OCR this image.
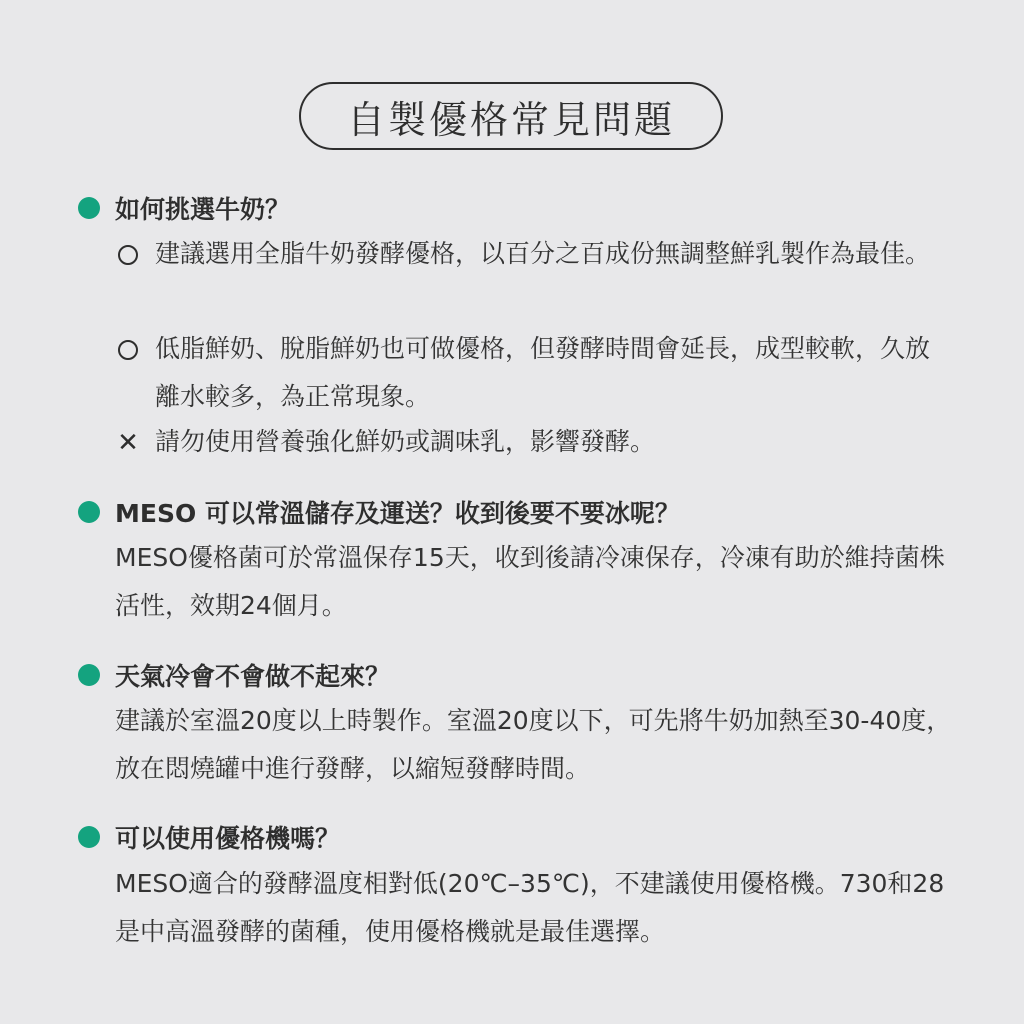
自製優格常見問題
如何挑選牛奶？
建議選用全脂牛奶發酵優格，以百分之百成份無調整鮮乳製作為最佳。
低脂鮮奶、脫脂鮮奶也可做優格，但發酵時間會延長，成型較軟，久放離水較多，為正常現象。
✕ 請勿使用營養強化鮮奶或調味乳，影響發酵。
MESO 可以常溫儲存及運送？收到後要不要冰呢？
MESO優格菌可於常溫保存15天，收到後請冷凍保存，冷凍有助於維持菌株活性，效期24個月。
天氣冷會不會做不起來？
建議於室溫20度以上時製作。室溫20度以下，可先將牛奶加熱至30-40度，放在悶燒罐中進行發酵，以縮短發酵時間。
可以使用優格機嗎？
MESO適合的發酵溫度相對低(20℃–35℃)，不建議使用優格機。730和28是中高溫發酵的菌種，使用優格機就是最佳選擇。
